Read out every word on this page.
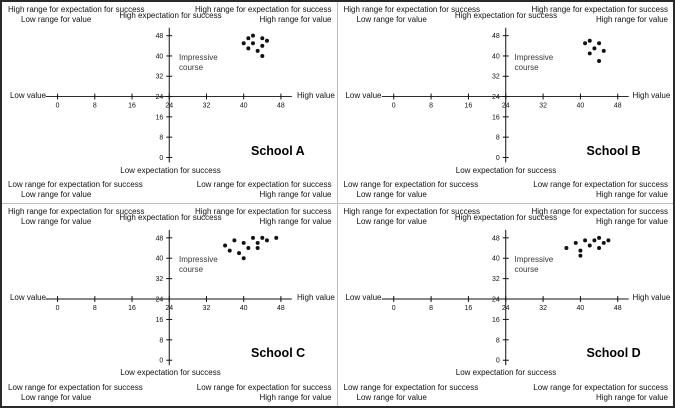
0	8	16	24	32	40	48
0
8
16
24
32
40
48
High range for expectation for success
Low range for value
High range for expectation for success
High range for value
Low range for expectation for success
Low range for value
Low range for expectation for success
High range for value
High expectation for success
Low expectation for success
Low value	High value
Impressive course
School A
0	8	16	24	32	40	48
0
8
16
24
32
40
48
High range for expectation for success
Low range for value
High range for expectation for success
High range for value
Low range for expectation for success
Low range for value
Low range for expectation for success
High range for value
High expectation for success
Low expectation for success
Low value	High value
Impressive course
School B
0	8	16	24	32	40	48
0
8
16
24
32
40
48
High range for expectation for success
Low range for value
High range for expectation for success
High range for value
Low range for expectation for success
Low range for value
Low range for expectation for success
High range for value
High expectation for success
Low expectation for success
Low value	High value
Impressive course
School C
0	8	16	24	32	40	48
0
8
16
24
32
40
48
High range for expectation for success
Low range for value
High range for expectation for success
High range for value
Low range for expectation for success
Low range for value
Low range for expectation for success
High range for value
High expectation for success
Low expectation for success
Low value	High value
Impressive course
School D
